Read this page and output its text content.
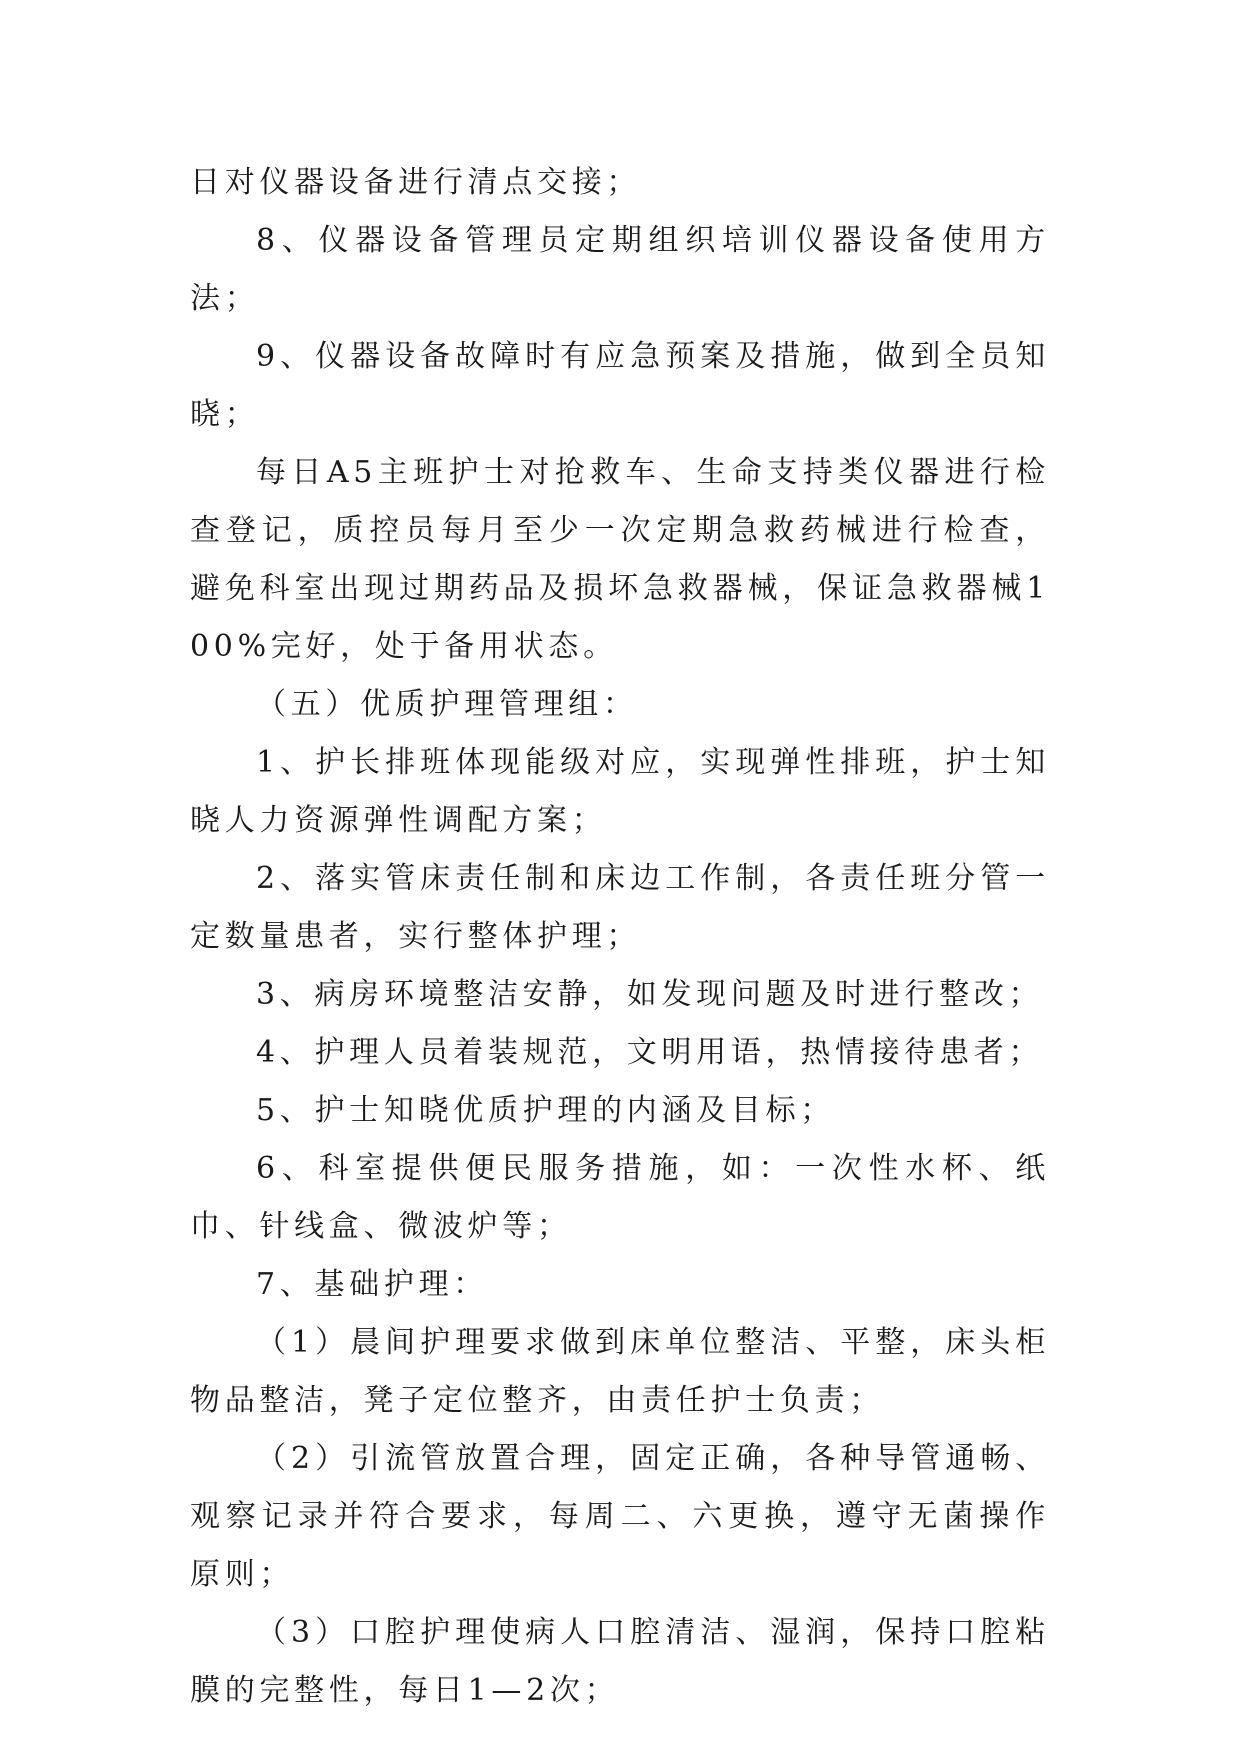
日对仪器设备进行清点交接；

8、仪器设备管理员定期组织培训仪器设备使用方法；

9、仪器设备故障时有应急预案及措施，做到全员知晓；

每日A5主班护士对抢救车、生命支持类仪器进行检查登记，质控员每月至少一次定期急救药械进行检查，避免科室出现过期药品及损坏急救器械，保证急救器械100%完好，处于备用状态。

（五）优质护理管理组：

1、护长排班体现能级对应，实现弹性排班，护士知晓人力资源弹性调配方案；

2、落实管床责任制和床边工作制，各责任班分管一定数量患者，实行整体护理；

3、病房环境整洁安静，如发现问题及时进行整改；

4、护理人员着装规范，文明用语，热情接待患者；

5、护士知晓优质护理的内涵及目标；

6、科室提供便民服务措施，如：一次性水杯、纸巾、针线盒、微波炉等；

7、基础护理：

（1）晨间护理要求做到床单位整洁、平整，床头柜物品整洁，凳子定位整齐，由责任护士负责；

（2）引流管放置合理，固定正确，各种导管通畅、观察记录并符合要求，每周二、六更换，遵守无菌操作原则；

（3）口腔护理使病人口腔清洁、湿润，保持口腔粘膜的完整性，每日1—2次；
